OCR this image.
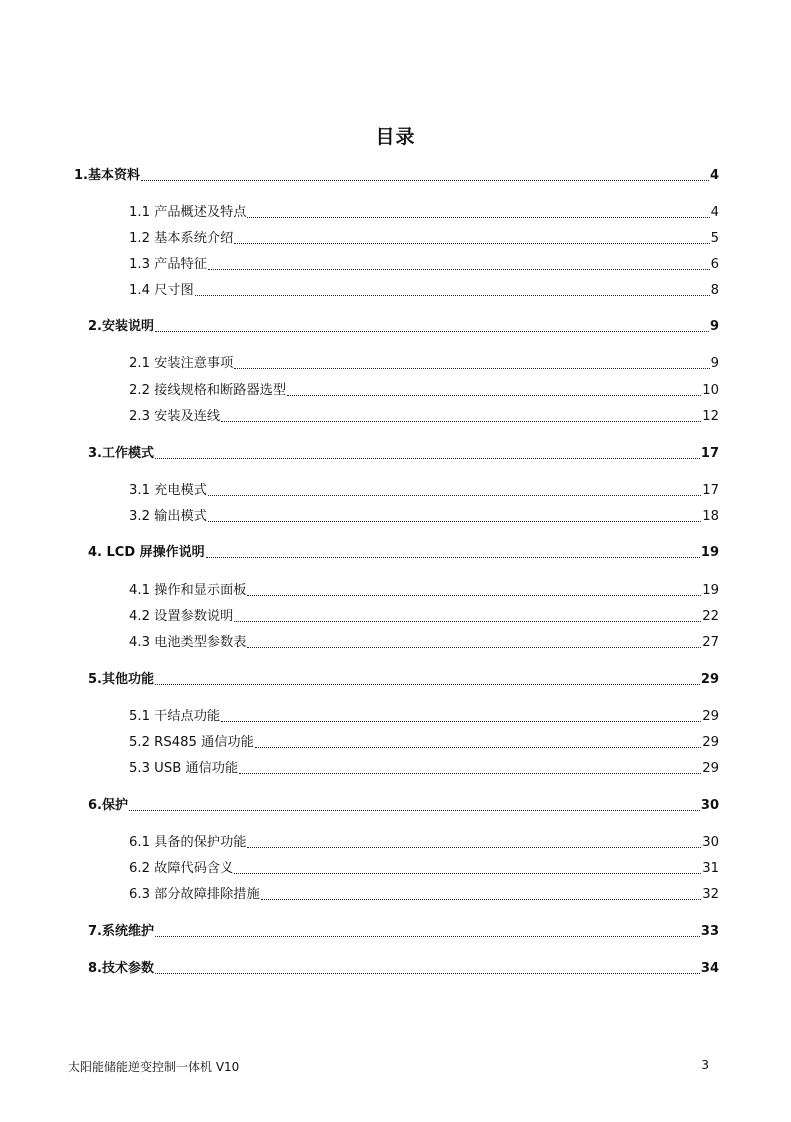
目录
1.基本资料	4
1.1 产品概述及特点	4
1.2 基本系统介绍	5
1.3 产品特征	6
1.4 尺寸图	8
2.安装说明	9
2.1 安装注意事项	9
2.2 接线规格和断路器选型	10
2.3 安装及连线	12
3.工作模式	17
3.1 充电模式	17
3.2 输出模式	18
4. LCD 屏操作说明	19
4.1 操作和显示面板	19
4.2 设置参数说明	22
4.3 电池类型参数表	27
5.其他功能	29
5.1 干结点功能	29
5.2 RS485 通信功能	29
5.3 USB 通信功能	29
6.保护	30
6.1 具备的保护功能	30
6.2 故障代码含义	31
6.3 部分故障排除措施	32
7.系统维护	33
8.技术参数	34
太阳能储能逆变控制一体机 V10	3
